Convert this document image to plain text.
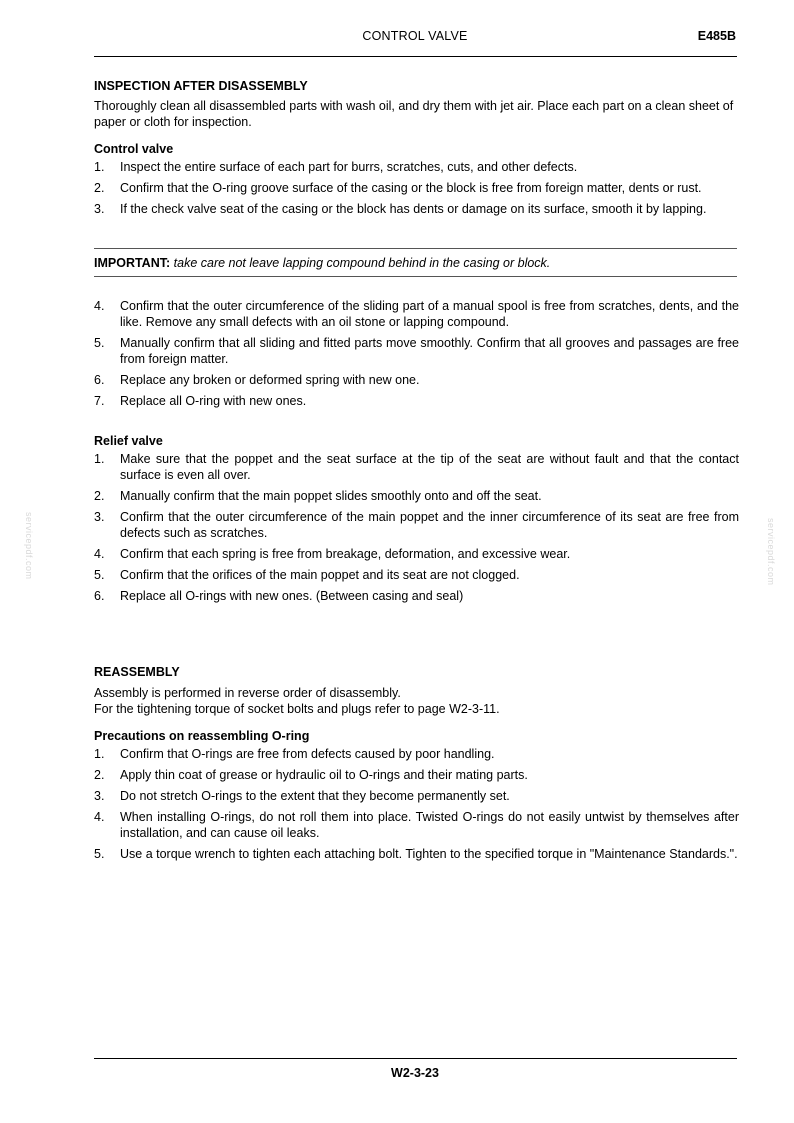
CONTROL VALVE	E485B
INSPECTION AFTER DISASSEMBLY

Thoroughly clean all disassembled parts with wash oil, and dry them with jet air. Place each part on a clean sheet of paper or cloth for inspection.

Control valve
1. Inspect the entire surface of each part for burrs, scratches, cuts, and other defects.
2. Confirm that the O-ring groove surface of the casing or the block is free from foreign matter, dents or rust.
3. If the check valve seat of the casing or the block has dents or damage on its surface, smooth it by lapping.
IMPORTANT: take care not leave lapping compound behind in the casing or block.
4. Confirm that the outer circumference of the sliding part of a manual spool is free from scratches, dents, and the like. Remove any small defects with an oil stone or lapping compound.
5. Manually confirm that all sliding and fitted parts move smoothly. Confirm that all grooves and passages are free from foreign matter.
6. Replace any broken or deformed spring with new one.
7. Replace all O-ring with new ones.
Relief valve
1. Make sure that the poppet and the seat surface at the tip of the seat are without fault and that the contact surface is even all over.
2. Manually confirm that the main poppet slides smoothly onto and off the seat.
3. Confirm that the outer circumference of the main poppet and the inner circumference of its seat are free from defects such as scratches.
4. Confirm that each spring is free from breakage, deformation, and excessive wear.
5. Confirm that the orifices of the main poppet and its seat are not clogged.
6. Replace all O-rings with new ones. (Between casing and seal)
REASSEMBLY

Assembly is performed in reverse order of disassembly.

For the tightening torque of socket bolts and plugs refer to page W2-3-11.

Precautions on reassembling O-ring
1. Confirm that O-rings are free from defects caused by poor handling.
2. Apply thin coat of grease or hydraulic oil to O-rings and their mating parts.
3. Do not stretch O-rings to the extent that they become permanently set.
4. When installing O-rings, do not roll them into place. Twisted O-rings do not easily untwist by themselves after installation, and can cause oil leaks.
5. Use a torque wrench to tighten each attaching bolt. Tighten to the specified torque in "Maintenance Standards.".
servicepdf.com	servicepdf.com
W2-3-23
